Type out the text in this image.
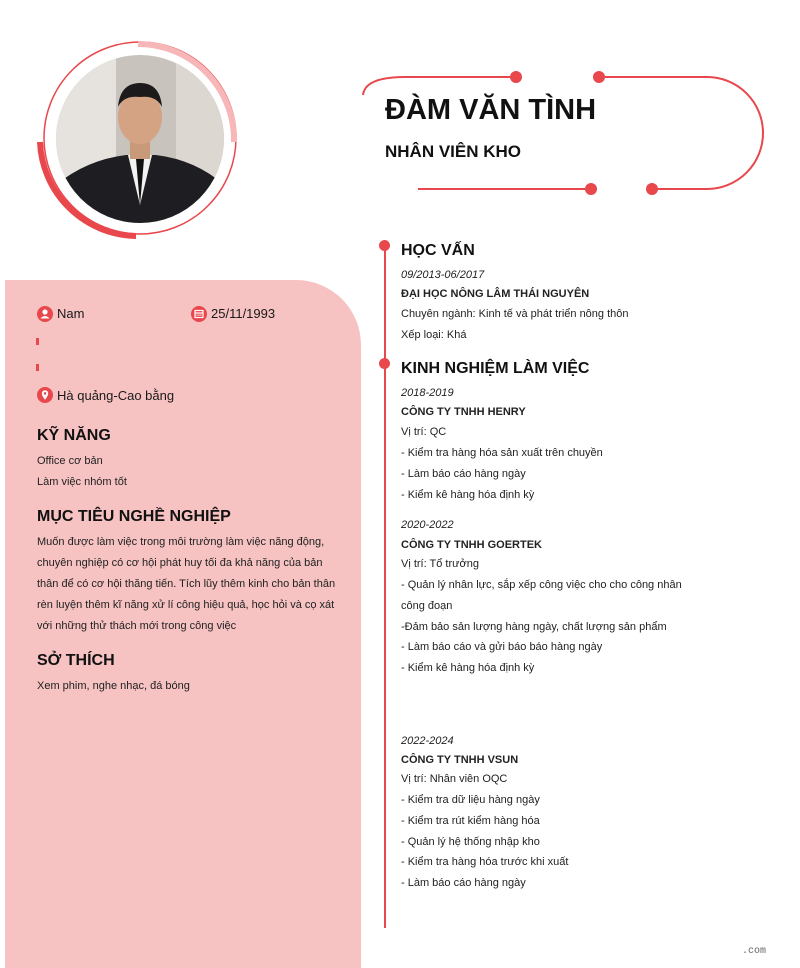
ĐÀM VĂN TÌNH
NHÂN VIÊN KHO
Nam	25/11/1993
Hà quảng-Cao bằng
KỸ NĂNG
Office cơ bản
Làm việc nhóm tốt
MỤC TIÊU NGHỀ NGHIỆP
Muốn được làm việc trong môi trường làm việc năng động,
chuyên nghiệp có cơ hội phát huy tối đa khả năng của bản
thân để có cơ hội thăng tiến. Tích lũy thêm kinh cho bản thân
rèn luyện thêm kĩ năng xử lí công hiệu quả, học hỏi và cọ xát
với những thử thách mới trong công việc
SỞ THÍCH
Xem phim, nghe nhạc, đá bóng
HỌC VẤN
09/2013-06/2017
ĐẠI HỌC NÔNG LÂM THÁI NGUYÊN
Chuyên ngành: Kinh tế và phát triển nông thôn
Xếp loại: Khá
KINH NGHIỆM LÀM VIỆC
2018-2019
CÔNG TY TNHH HENRY
Vị trí: QC
- Kiểm tra hàng hóa sản xuất trên chuyền
- Làm báo cáo hàng ngày
- Kiểm kê hàng hóa định kỳ
2020-2022
CÔNG TY TNHH GOERTEK
Vị trí: Tổ trưởng
- Quản lý nhân lực, sắp xếp công việc cho cho công nhân
công đoạn
-Đảm bảo sản lượng hàng ngày, chất lượng sản phẩm
- Làm báo cáo và gửi báo báo hàng ngày
- Kiểm kê hàng hóa định kỳ
2022-2024
CÔNG TY TNHH VSUN
Vị trí: Nhân viên OQC
- Kiểm tra dữ liệu hàng ngày
- Kiểm tra rút kiểm hàng hóa
- Quản lý hệ thống nhập kho
- Kiểm tra hàng hóa trước khi xuất
- Làm báo cáo hàng ngày
.com
